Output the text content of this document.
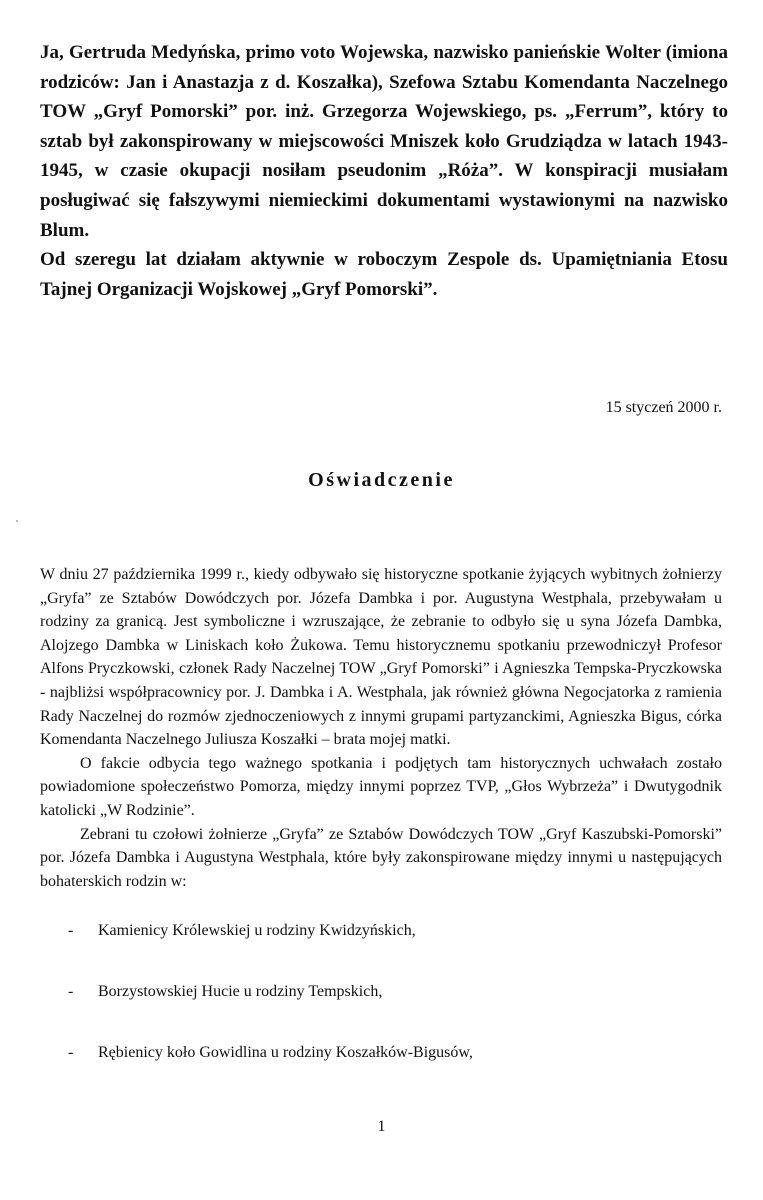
Ja, Gertruda Medyńska, primo voto Wojewska, nazwisko panieńskie Wolter (imiona rodziców: Jan i Anastazja z d. Koszałka), Szefowa Sztabu Komendanta Naczelnego TOW „Gryf Pomorski” por. inż. Grzegorza Wojewskiego, ps. „Ferrum”, który to sztab był zakonspirowany w miejscowości Mniszek koło Grudziądza w latach 1943-1945, w czasie okupacji nosiłam pseudonim „Róża”. W konspiracji musiałam posługiwać się fałszywymi niemieckimi dokumentami wystawionymi na nazwisko Blum.

Od szeregu lat działam aktywnie w roboczym Zespole ds. Upamiętniania Etosu Tajnej Organizacji Wojskowej „Gryf Pomorski”.

15 styczeń 2000 r.
Oświadczenie

W dniu 27 października 1999 r., kiedy odbywało się historyczne spotkanie żyjących wybitnych żołnierzy „Gryfa” ze Sztabów Dowódczych por. Józefa Dambka i por. Augustyna Westphala, przebywałam u rodziny za granicą. Jest symboliczne i wzruszające, że zebranie to odbyło się u syna Józefa Dambka, Alojzego Dambka w Liniskach koło Żukowa. Temu historycznemu spotkaniu przewodniczył Profesor Alfons Pryczkowski, członek Rady Naczelnej TOW „Gryf Pomorski” i Agnieszka Tempska-Pryczkowska - najbliżsi współpracownicy por. J. Dambka i A. Westphala, jak również główna Negocjatorka z ramienia Rady Naczelnej do rozmów zjednoczeniowych z innymi grupami partyzanckimi, Agnieszka Bigus, córka Komendanta Naczelnego Juliusza Koszałki – brata mojej matki.

O fakcie odbycia tego ważnego spotkania i podjętych tam historycznych uchwałach zostało powiadomione społeczeństwo Pomorza, między innymi poprzez TVP, „Głos Wybrzeża” i Dwutygodnik katolicki „W Rodzinie”.

Zebrani tu czołowi żołnierze „Gryfa” ze Sztabów Dowódczych TOW „Gryf Kaszubski-Pomorski” por. Józefa Dambka i Augustyna Westphala, które były zakonspirowane między innymi u następujących bohaterskich rodzin w:

- Kamienicy Królewskiej u rodziny Kwidzyńskich,
- Borzystowskiej Hucie u rodziny Tempskich,
- Rębienicy koło Gowidlina u rodziny Koszałków-Bigusów,
1
